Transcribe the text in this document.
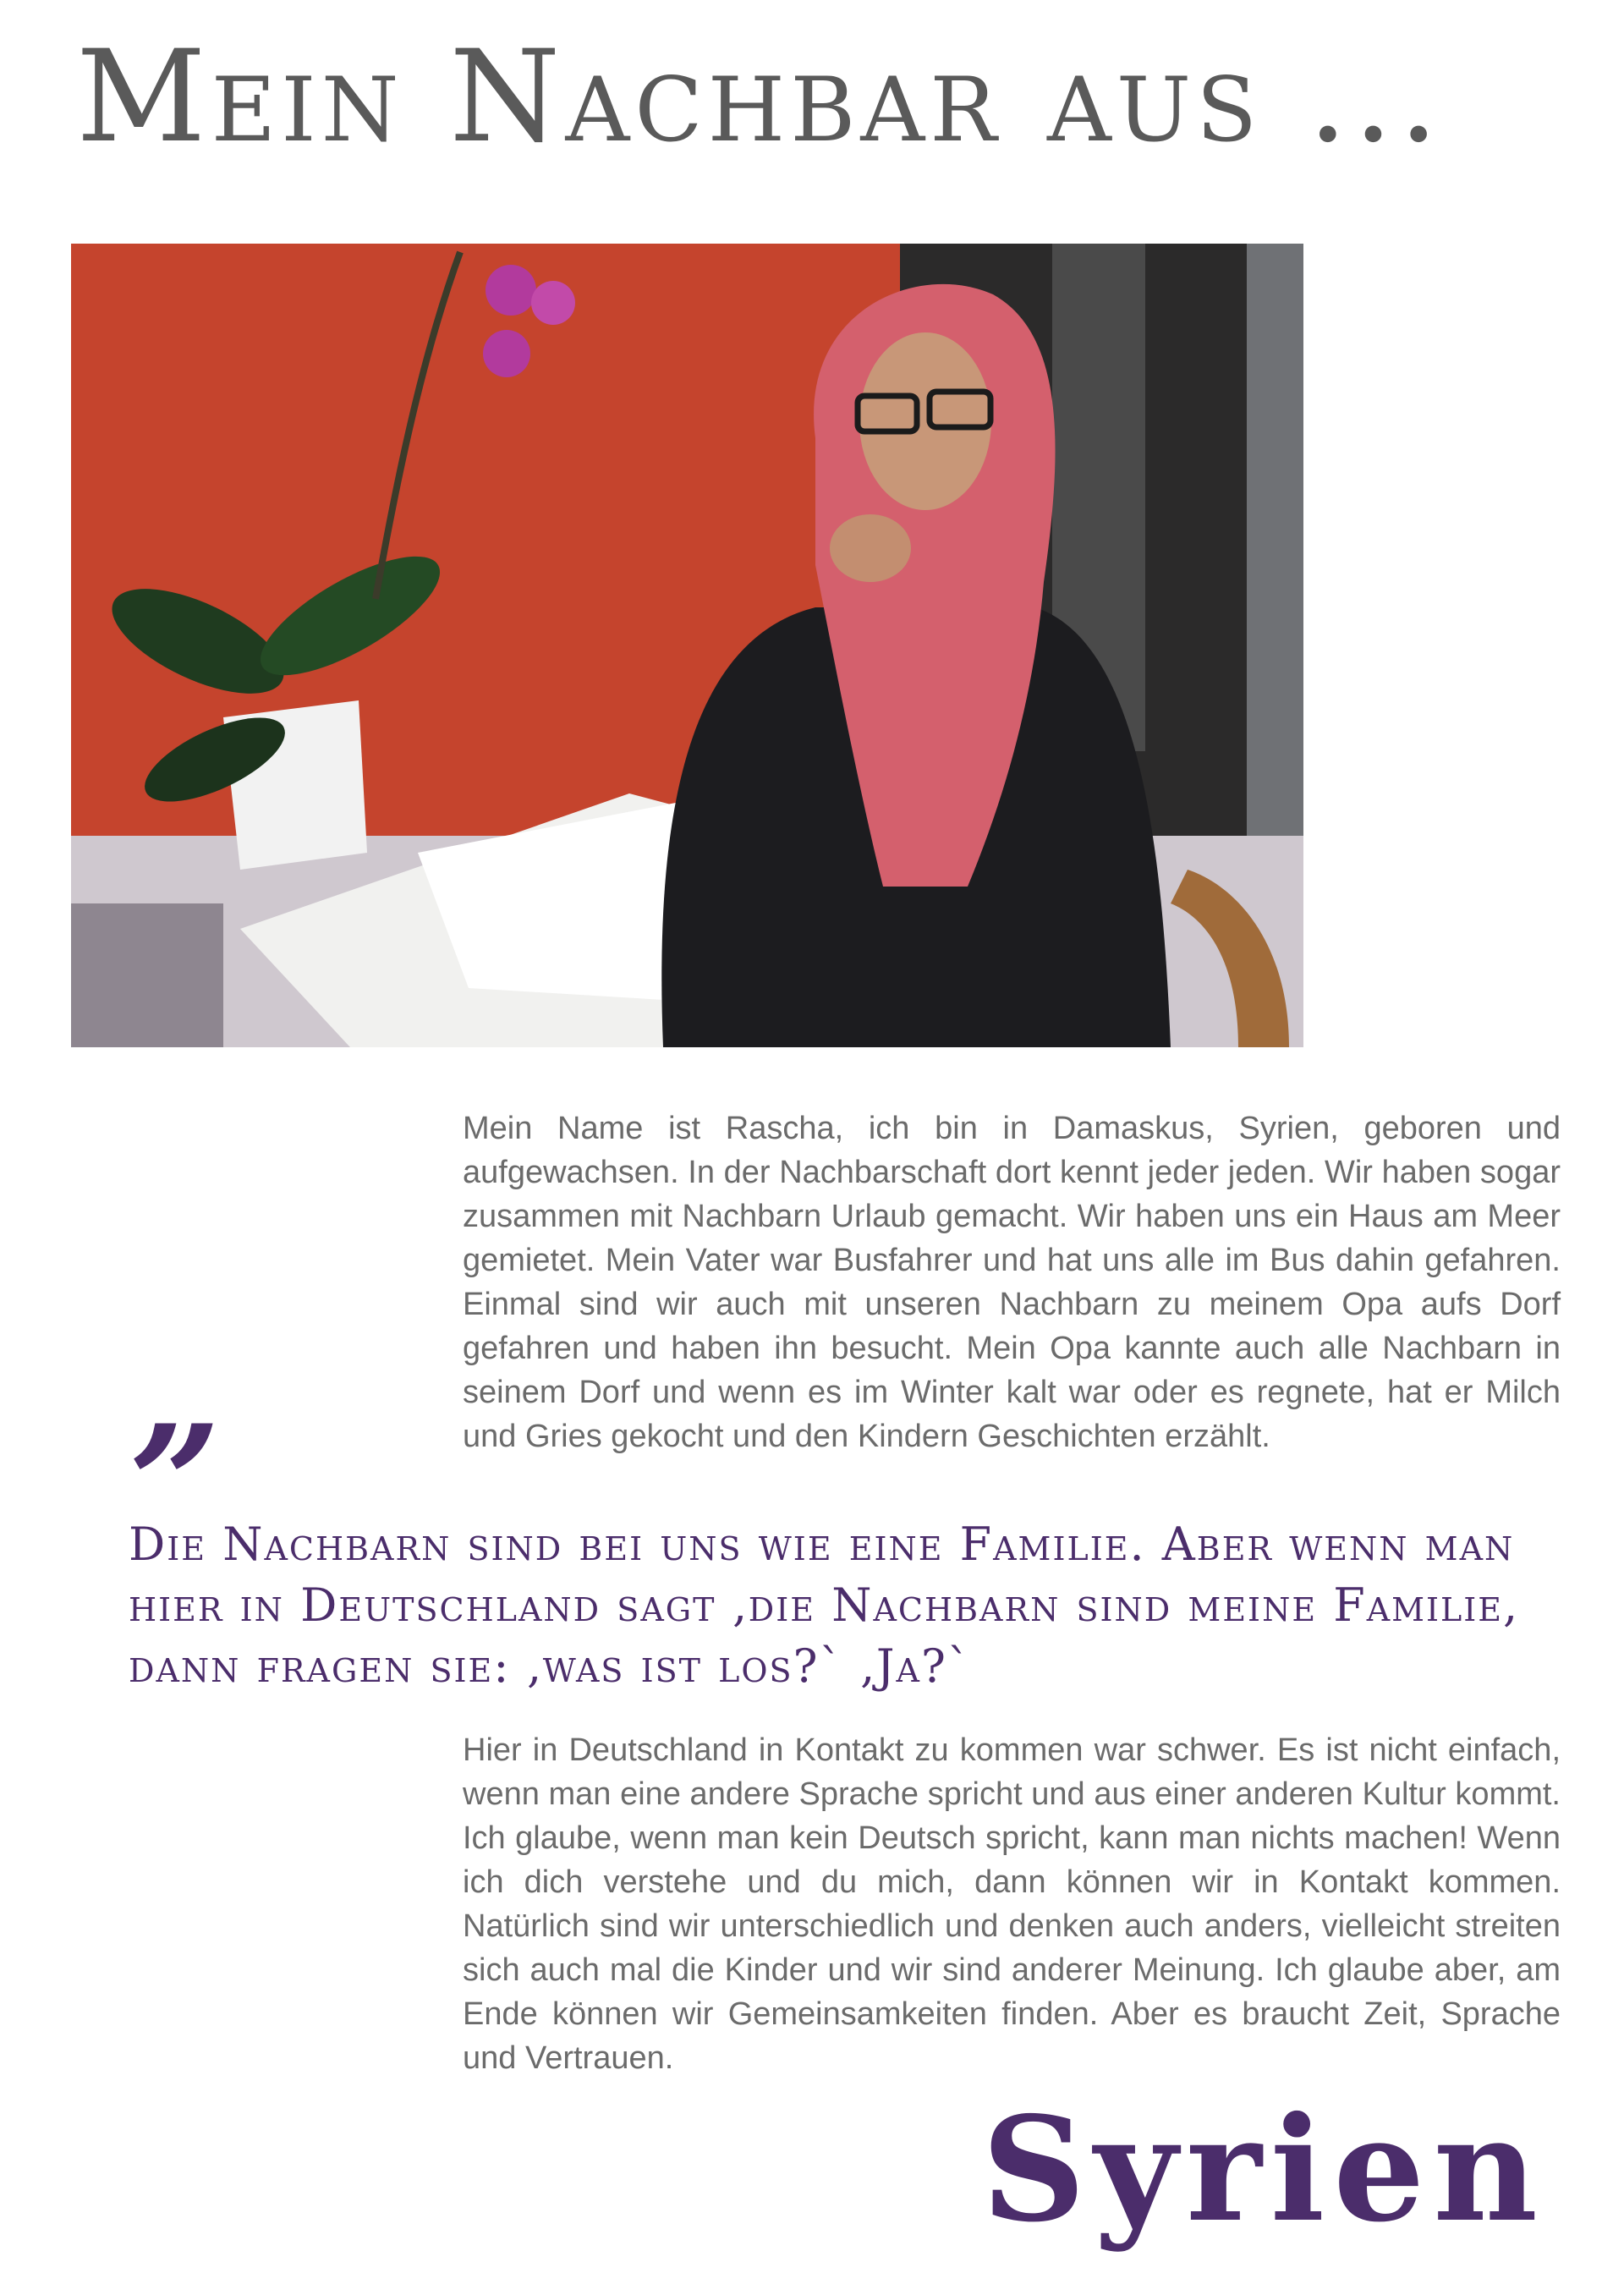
Mein Nachbar aus ...

Mein Name ist Rascha, ich bin in Damaskus, Syrien, geboren und aufgewachsen. In der Nachbarschaft dort kennt jeder jeden. Wir haben sogar zusammen mit Nachbarn Urlaub gemacht. Wir haben uns ein Haus am Meer gemietet. Mein Vater war Busfahrer und hat uns alle im Bus dahin gefahren. Einmal sind wir auch mit unseren Nachbarn zu meinem Opa aufs Dorf gefahren und haben ihn besucht. Mein Opa kannte auch alle Nachbarn in seinem Dorf und wenn es im Winter kalt war oder es regnete, hat er Milch und Gries gekocht und den Kindern Geschichten erzählt.

”

Die Nachbarn sind bei uns wie eine Familie. Aber wenn man hier in Deutschland sagt ‚die Nachbarn sind meine Familie, dann fragen sie: ‚was ist los?` ‚Ja?`

Hier in Deutschland in Kontakt zu kommen war schwer. Es ist nicht einfach, wenn man eine andere Sprache spricht und aus einer anderen Kultur kommt. Ich glaube, wenn man kein Deutsch spricht, kann man nichts machen! Wenn ich dich verstehe und du mich, dann können wir in Kontakt kommen. Natürlich sind wir unterschiedlich und denken auch anders, vielleicht streiten sich auch mal die Kinder und wir sind anderer Meinung. Ich glaube aber, am Ende können wir Gemeinsamkeiten finden. Aber es braucht Zeit, Sprache und Vertrauen.

Syrien
